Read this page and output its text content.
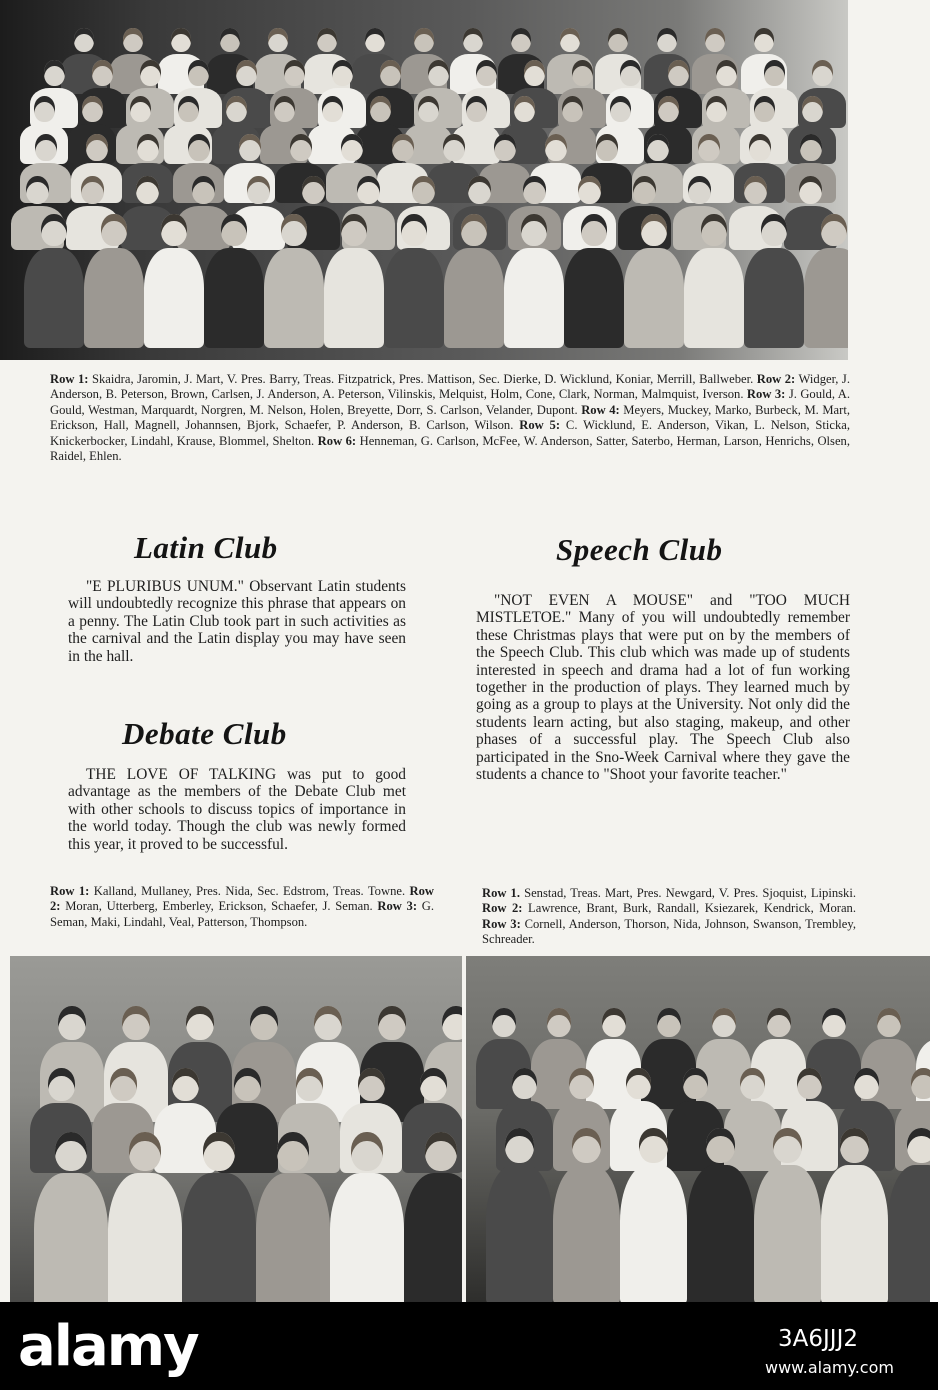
Row 1: Skaidra, Jaromin, J. Mart, V. Pres. Barry, Treas. Fitzpatrick, Pres. Mattison, Sec. Dierke, D. Wicklund, Koniar, Merrill, Ballweber. Row 2: Widger, J. Anderson, B. Peterson, Brown, Carlsen, J. Anderson, A. Peterson, Vilinskis, Melquist, Holm, Cone, Clark, Norman, Malmquist, Iverson. Row 3: J. Gould, A. Gould, Westman, Marquardt, Norgren, M. Nelson, Holen, Breyette, Dorr, S. Carlson, Velander, Dupont. Row 4: Meyers, Muckey, Marko, Burbeck, M. Mart, Erickson, Hall, Magnell, Johannsen, Bjork, Schaefer, P. Anderson, B. Carlson, Wilson. Row 5: C. Wicklund, E. Anderson, Vikan, L. Nelson, Sticka, Knickerbocker, Lindahl, Krause, Blommel, Shelton. Row 6: Henneman, G. Carlson, McFee, W. Anderson, Satter, Saterbo, Herman, Larson, Henrichs, Olsen, Raidel, Ehlen.
Latin Club
"E PLURIBUS UNUM." Observant Latin students will undoubtedly recognize this phrase that appears on a penny. The Latin Club took part in such activities as the carnival and the Latin display you may have seen in the hall.
Debate Club
THE LOVE OF TALKING was put to good advantage as the members of the Debate Club met with other schools to discuss topics of importance in the world today. Though the club was newly formed this year, it proved to be successful.
Speech Club
"NOT EVEN A MOUSE" and "TOO MUCH MISTLETOE." Many of you will undoubtedly remember these Christmas plays that were put on by the members of the Speech Club. This club which was made up of students interested in speech and drama had a lot of fun working together in the production of plays. They learned much by going as a group to plays at the University. Not only did the students learn acting, but also staging, makeup, and other phases of a successful play. The Speech Club also participated in the Sno-Week Carnival where they gave the students a chance to "Shoot your favorite teacher."
Row 1: Kalland, Mullaney, Pres. Nida, Sec. Edstrom, Treas. Towne. Row 2: Moran, Utterberg, Emberley, Erickson, Schaefer, J. Seman. Row 3: G. Seman, Maki, Lindahl, Veal, Patterson, Thompson.
Row 1. Senstad, Treas. Mart, Pres. Newgard, V. Pres. Sjoquist, Lipinski. Row 2: Lawrence, Brant, Burk, Randall, Ksiezarek, Kendrick, Moran. Row 3: Cornell, Anderson, Thorson, Nida, Johnson, Swanson, Trembley, Schreader.
alamy	3A6JJJ2
www.alamy.com
